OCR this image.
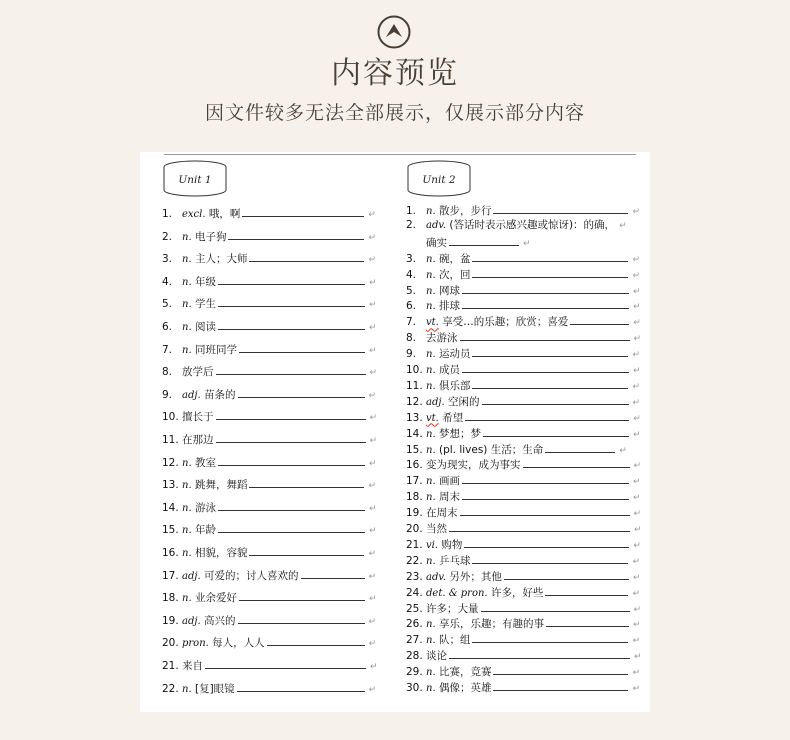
内容预览
因文件较多无法全部展示，仅展示部分内容
Unit 1
1. excl. 哦，啊	↵
2. n. 电子狗	↵
3. n. 主人；大师	↵
4. n. 年级	↵
5. n. 学生	↵
6. n. 阅读	↵
7. n. 同班同学	↵
8. 放学后	↵
9. adj. 苗条的	↵
10. 擅长于	↵
11. 在那边	↵
12. n. 教室	↵
13. n. 跳舞，舞蹈	↵
14. n. 游泳	↵
15. n. 年龄	↵
16. n. 相貌，容貌	↵
17. adj. 可爱的；讨人喜欢的	↵
18. n. 业余爱好	↵
19. adj. 高兴的	↵
20. pron. 每人，人人	↵
21. 来自	↵
22. n. [复]眼镜	↵
Unit 2
1. n. 散步，步行	↵
2. adv. (答话时表示感兴趣或惊讶)：的确， ↵
确实	↵
3. n. 碗，盆	↵
4. n. 次，回	↵
5. n. 网球	↵
6. n. 排球	↵
7. vt. 享受…的乐趣；欣赏；喜爱	↵
8. 去游泳	↵
9. n. 运动员	↵
10. n. 成员	↵
11. n. 俱乐部	↵
12. adj. 空闲的	↵
13. vt. 希望	↵
14. n. 梦想；梦	↵
15. n. (pl. lives) 生活；生命	↵
16. 变为现实，成为事实	↵
17. n. 画画	↵
18. n. 周末	↵
19. 在周末	↵
20. 当然	↵
21. vi. 购物	↵
22. n. 乒乓球	↵
23. adv. 另外；其他	↵
24. det. & pron. 许多，好些	↵
25. 许多；大量	↵
26. n. 享乐，乐趣；有趣的事	↵
27. n. 队；组	↵
28. 谈论	↵
29. n. 比赛，竞赛	↵
30. n. 偶像；英雄	↵
